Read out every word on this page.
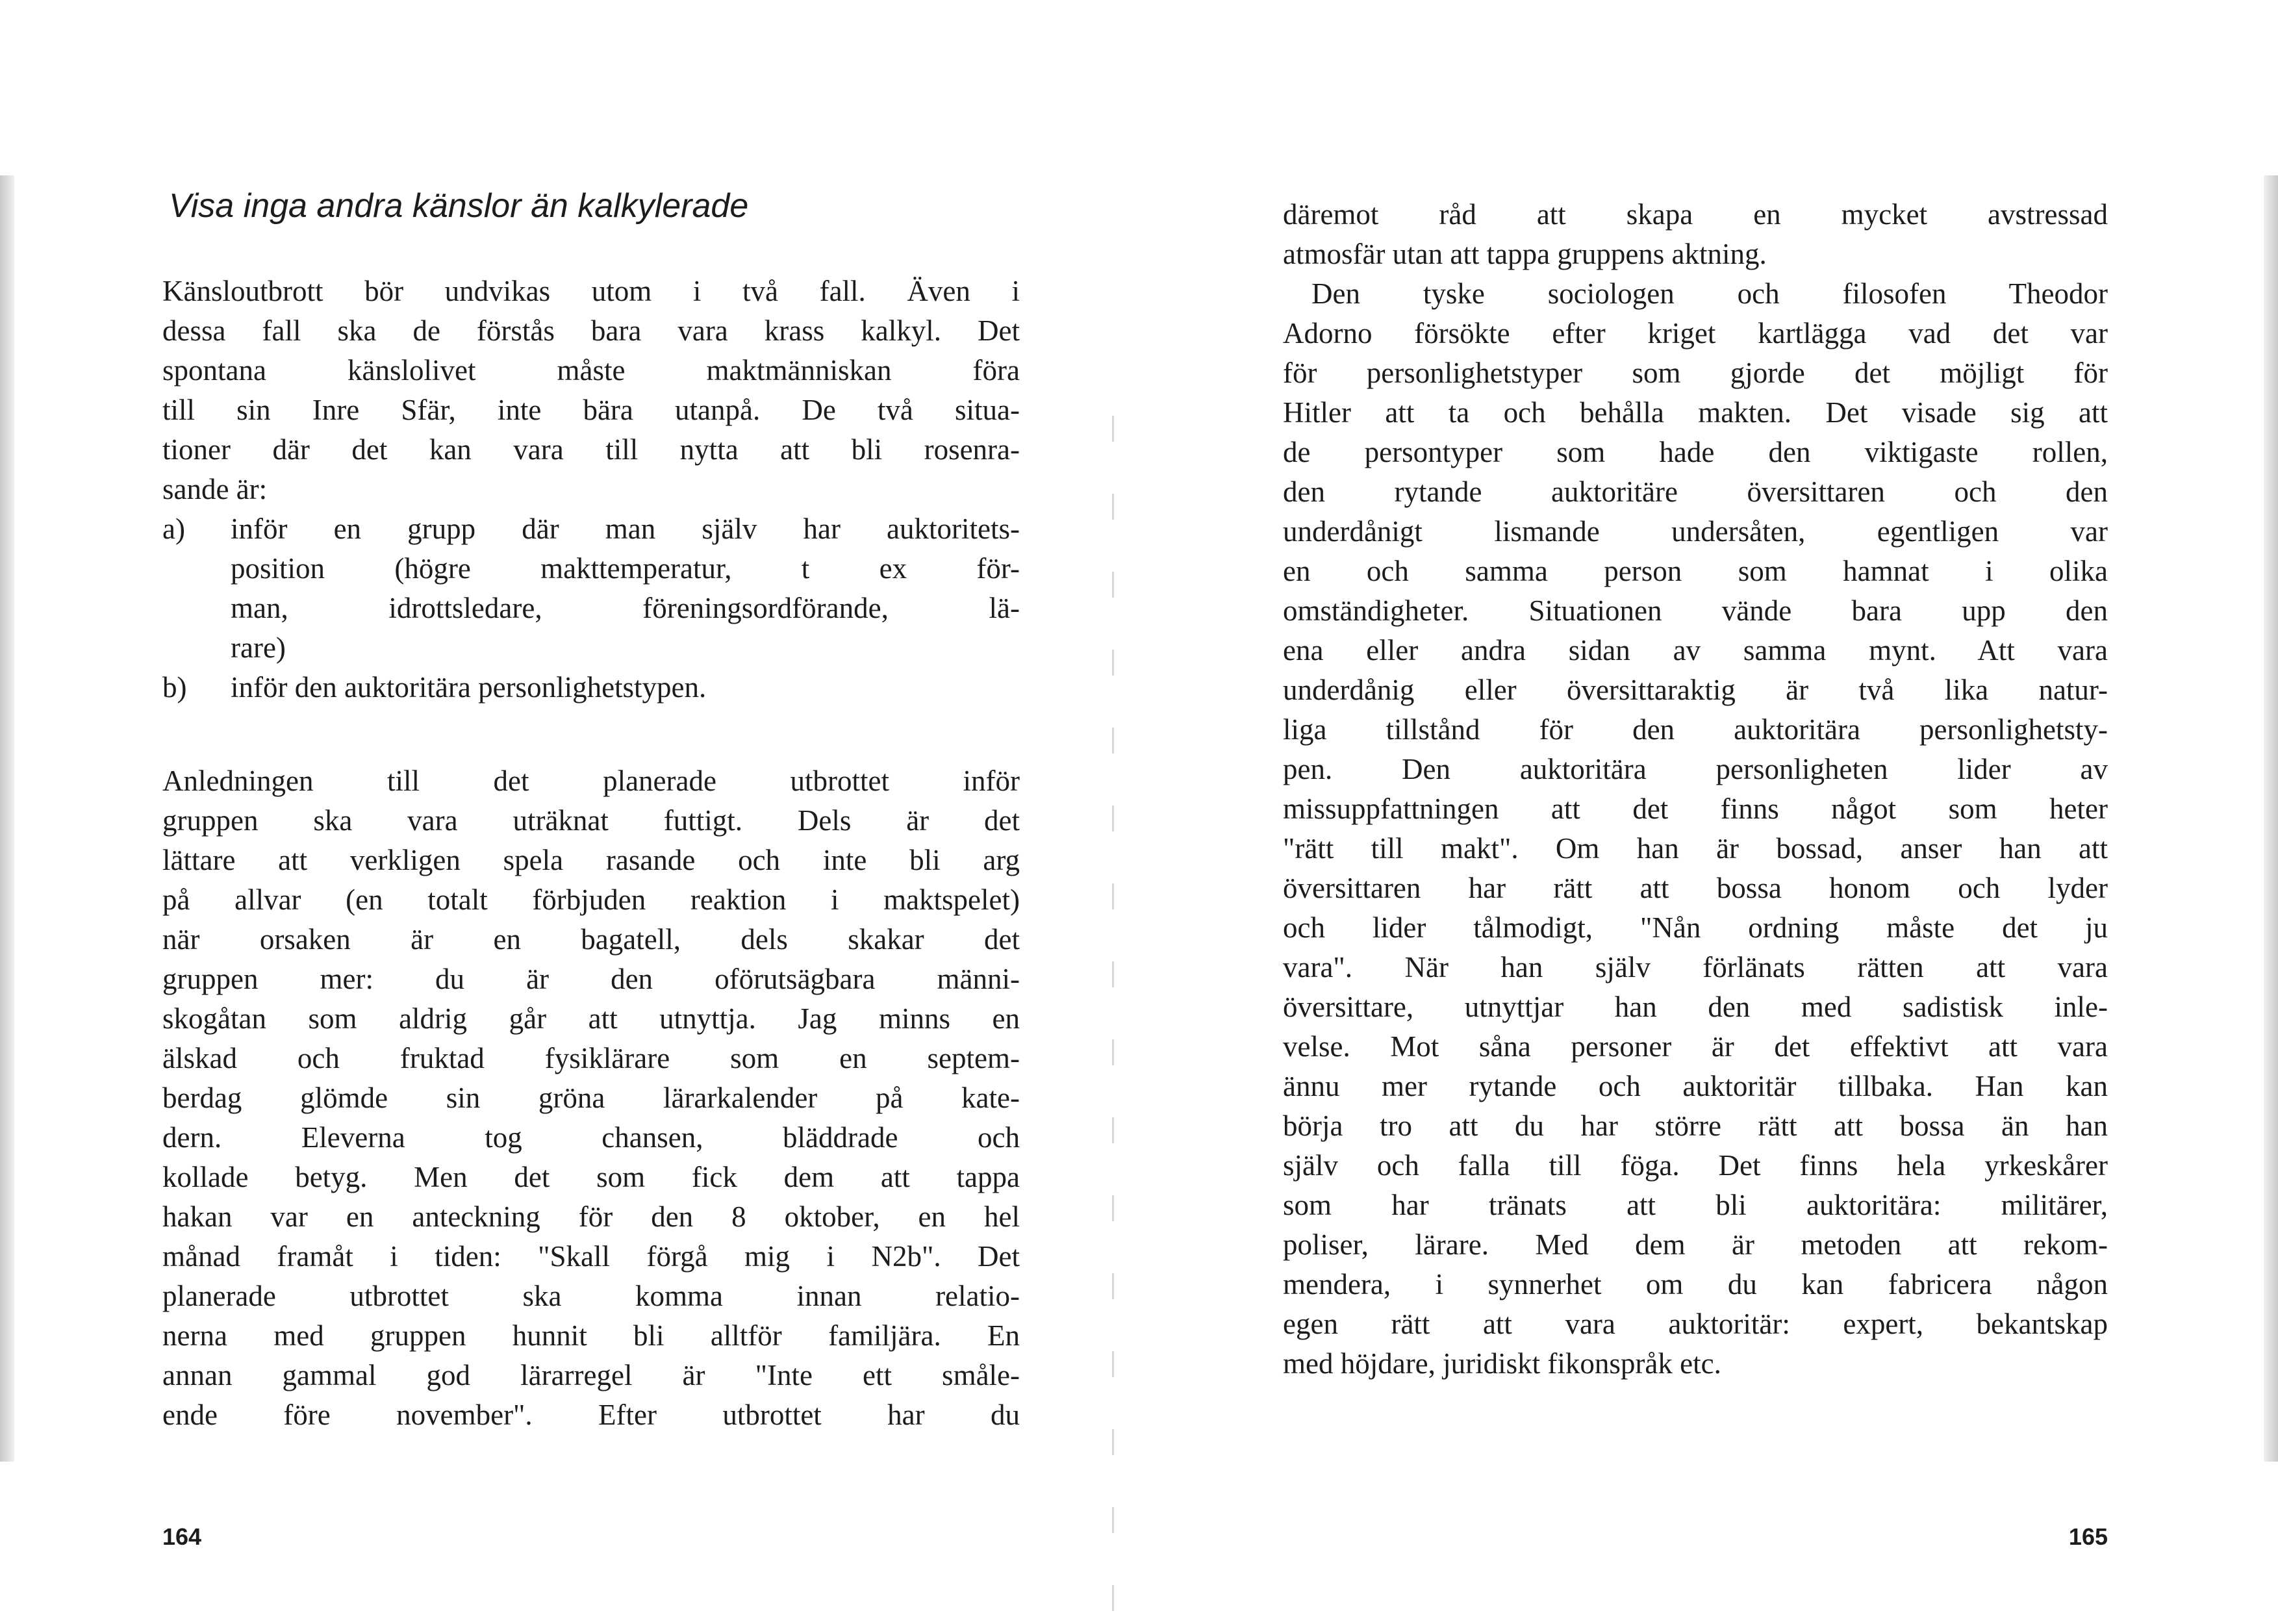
Visa inga andra känslor än kalkylerade

Känsloutbrott bör undvikas utom i två fall. Även i

dessa fall ska de förstås bara vara krass kalkyl. Det

spontana känslolivet måste maktmänniskan föra

till sin Inre Sfär, inte bära utanpå. De två situa-

tioner där det kan vara till nytta att bli rosenra-

sande är:

a)	inför en grupp där man själv har auktoritets-
position (högre makttemperatur, t ex för-
man, idrottsledare, föreningsordförande, lä-
rare)
b)	inför den auktoritära personlighetstypen.

Anledningen till det planerade utbrottet inför

gruppen ska vara uträknat futtigt. Dels är det

lättare att verkligen spela rasande och inte bli arg

på allvar (en totalt förbjuden reaktion i maktspelet)

när orsaken är en bagatell, dels skakar det

gruppen mer: du är den oförutsägbara männi-

skogåtan som aldrig går att utnyttja. Jag minns en

älskad och fruktad fysiklärare som en septem-

berdag glömde sin gröna lärarkalender på kate-

dern. Eleverna tog chansen, bläddrade och

kollade betyg. Men det som fick dem att tappa

hakan var en anteckning för den 8 oktober, en hel

månad framåt i tiden: "Skall förgå mig i N2b". Det

planerade utbrottet ska komma innan relatio-

nerna med gruppen hunnit bli alltför familjära. En

annan gammal god lärarregel är "Inte ett småle-

ende före november". Efter utbrottet har du

164

däremot råd att skapa en mycket avstressad

atmosfär utan att tappa gruppens aktning.

Den tyske sociologen och filosofen Theodor

Adorno försökte efter kriget kartlägga vad det var

för personlighetstyper som gjorde det möjligt för

Hitler att ta och behålla makten. Det visade sig att

de persontyper som hade den viktigaste rollen,

den rytande auktoritäre översittaren och den

underdånigt lismande undersåten, egentligen var

en och samma person som hamnat i olika

omständigheter. Situationen vände bara upp den

ena eller andra sidan av samma mynt. Att vara

underdånig eller översittaraktig är två lika natur-

liga tillstånd för den auktoritära personlighetsty-

pen. Den auktoritära personligheten lider av

missuppfattningen att det finns något som heter

"rätt till makt". Om han är bossad, anser han att

översittaren har rätt att bossa honom och lyder

och lider tålmodigt, "Nån ordning måste det ju

vara". När han själv förlänats rätten att vara

översittare, utnyttjar han den med sadistisk inle-

velse. Mot såna personer är det effektivt att vara

ännu mer rytande och auktoritär tillbaka. Han kan

börja tro att du har större rätt att bossa än han

själv och falla till föga. Det finns hela yrkeskårer

som har tränats att bli auktoritära: militärer,

poliser, lärare. Med dem är metoden att rekom-

mendera, i synnerhet om du kan fabricera någon

egen rätt att vara auktoritär: expert, bekantskap

med höjdare, juridiskt fikonspråk etc.

165
